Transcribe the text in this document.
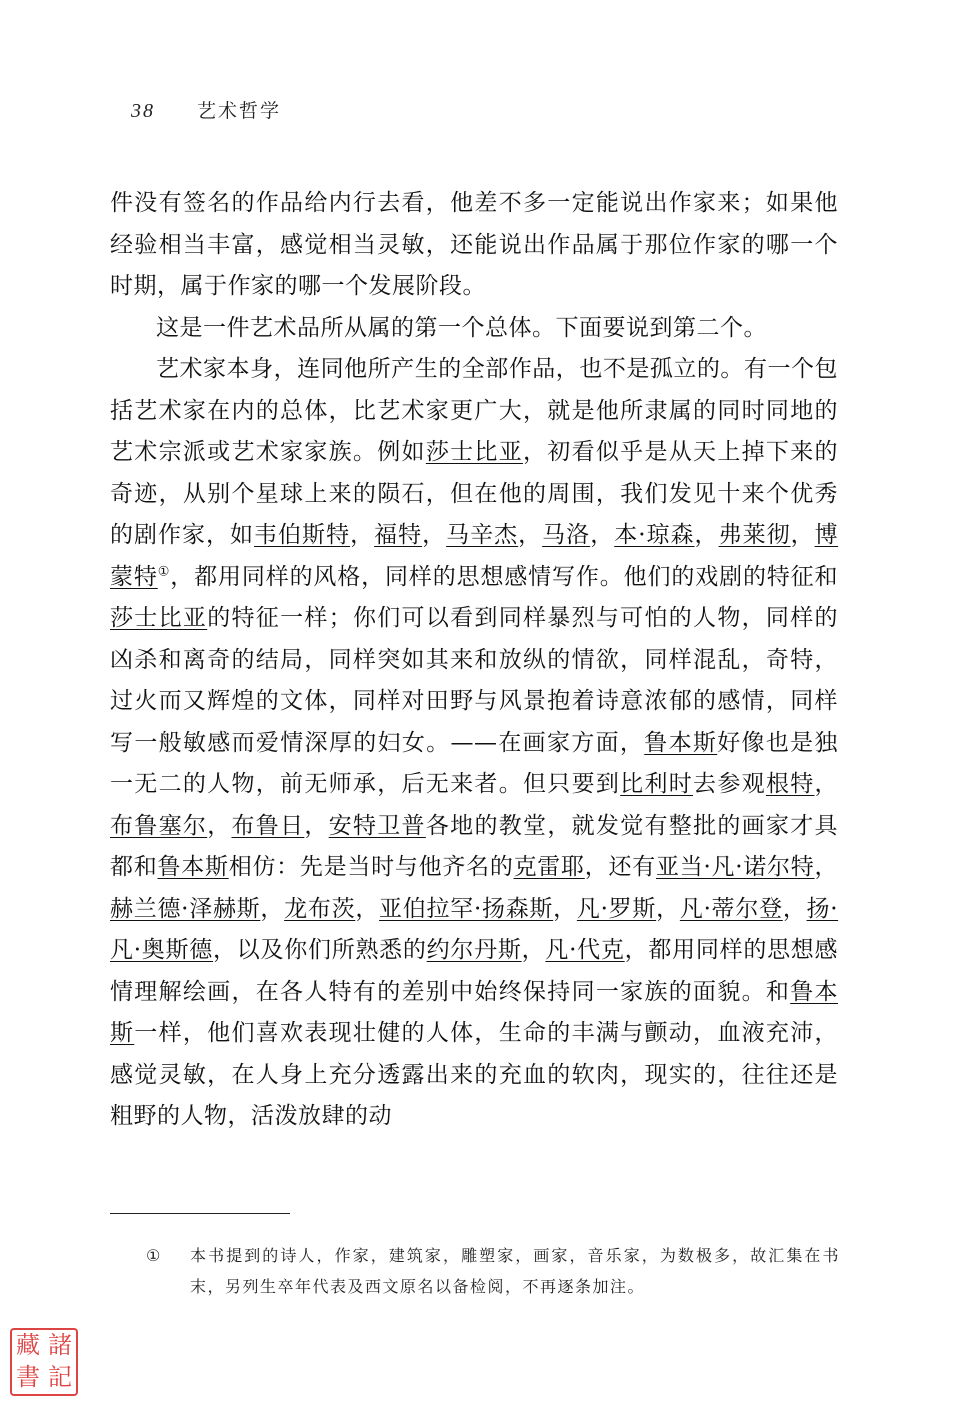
38 艺术哲学

件没有签名的作品给内行去看，他差不多一定能说出作家来；如果他经验相当丰富，感觉相当灵敏，还能说出作品属于那位作家的哪一个时期，属于作家的哪一个发展阶段。

这是一件艺术品所从属的第一个总体。下面要说到第二个。

艺术家本身，连同他所产生的全部作品，也不是孤立的。有一个包括艺术家在内的总体，比艺术家更广大，就是他所隶属的同时同地的艺术宗派或艺术家家族。例如莎士比亚，初看似乎是从天上掉下来的奇迹，从别个星球上来的陨石，但在他的周围，我们发见十来个优秀的剧作家，如韦伯斯特，福特，马辛杰，马洛，本·琼森，弗莱彻，博蒙特①，都用同样的风格，同样的思想感情写作。他们的戏剧的特征和莎士比亚的特征一样；你们可以看到同样暴烈与可怕的人物，同样的凶杀和离奇的结局，同样突如其来和放纵的情欲，同样混乱，奇特，过火而又辉煌的文体，同样对田野与风景抱着诗意浓郁的感情，同样写一般敏感而爱情深厚的妇女。——在画家方面，鲁本斯好像也是独一无二的人物，前无师承，后无来者。但只要到比利时去参观根特，布鲁塞尔，布鲁日，安特卫普各地的教堂，就发觉有整批的画家才具都和鲁本斯相仿：先是当时与他齐名的克雷耶，还有亚当·凡·诺尔特，赫兰德·泽赫斯，龙布茨，亚伯拉罕·扬森斯，凡·罗斯，凡·蒂尔登，扬·凡·奥斯德，以及你们所熟悉的约尔丹斯，凡·代克，都用同样的思想感情理解绘画，在各人特有的差别中始终保持同一家族的面貌。和鲁本斯一样，他们喜欢表现壮健的人体，生命的丰满与颤动，血液充沛，感觉灵敏，在人身上充分透露出来的充血的软肉，现实的，往往还是粗野的人物，活泼放肆的动

①	本书提到的诗人，作家，建筑家，雕塑家，画家，音乐家，为数极多，故汇集在书末，另列生卒年代表及西文原名以备检阅，不再逐条加注。
藏 諸
書 記
